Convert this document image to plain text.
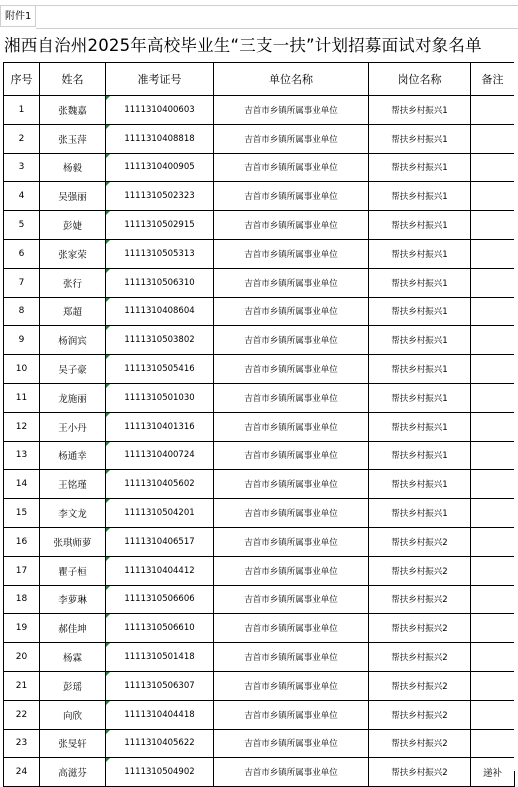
附件1
湘西自治州2025年高校毕业生“三支一扶”计划招募面试对象名单
序号	姓名	准考证号	单位名称	岗位名称	备注
1	张魏嘉	1111310400603	吉首市乡镇所属事业单位	帮扶乡村振兴1	
2	张玉萍	1111310408818	吉首市乡镇所属事业单位	帮扶乡村振兴1	
3	杨毅	1111310400905	吉首市乡镇所属事业单位	帮扶乡村振兴1	
4	吴强丽	1111310502323	吉首市乡镇所属事业单位	帮扶乡村振兴1	
5	彭婕	1111310502915	吉首市乡镇所属事业单位	帮扶乡村振兴1	
6	张家荣	1111310505313	吉首市乡镇所属事业单位	帮扶乡村振兴1	
7	张行	1111310506310	吉首市乡镇所属事业单位	帮扶乡村振兴1	
8	郑超	1111310408604	吉首市乡镇所属事业单位	帮扶乡村振兴1	
9	杨润宾	1111310503802	吉首市乡镇所属事业单位	帮扶乡村振兴1	
10	吴子豪	1111310505416	吉首市乡镇所属事业单位	帮扶乡村振兴1	
11	龙施丽	1111310501030	吉首市乡镇所属事业单位	帮扶乡村振兴1	
12	王小丹	1111310401316	吉首市乡镇所属事业单位	帮扶乡村振兴1	
13	杨通幸	1111310400724	吉首市乡镇所属事业单位	帮扶乡村振兴1	
14	王铭瑾	1111310405602	吉首市乡镇所属事业单位	帮扶乡村振兴1	
15	李文龙	1111310504201	吉首市乡镇所属事业单位	帮扶乡村振兴1	
16	张琪师萝	1111310406517	吉首市乡镇所属事业单位	帮扶乡村振兴2	
17	瞿子桓	1111310404412	吉首市乡镇所属事业单位	帮扶乡村振兴2	
18	李萝琳	1111310506606	吉首市乡镇所属事业单位	帮扶乡村振兴2	
19	郝佳坤	1111310506610	吉首市乡镇所属事业单位	帮扶乡村振兴2	
20	杨霖	1111310501418	吉首市乡镇所属事业单位	帮扶乡村振兴2	
21	彭瑶	1111310506307	吉首市乡镇所属事业单位	帮扶乡村振兴2	
22	向欣	1111310404418	吉首市乡镇所属事业单位	帮扶乡村振兴2	
23	张旻轩	1111310405622	吉首市乡镇所属事业单位	帮扶乡村振兴2	
24	高滋芬	1111310504902	吉首市乡镇所属事业单位	帮扶乡村振兴2	递补
